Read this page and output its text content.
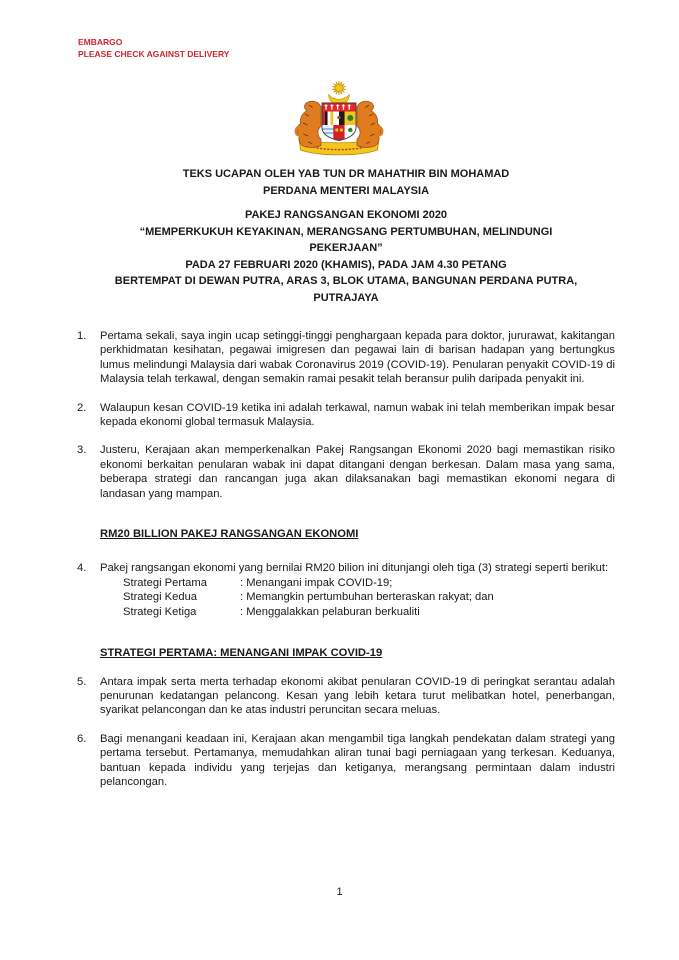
EMBARGO
PLEASE CHECK AGAINST DELIVERY
TEKS UCAPAN OLEH YAB TUN DR MAHATHIR BIN MOHAMAD
PERDANA MENTERI MALAYSIA
PAKEJ RANGSANGAN EKONOMI 2020
“MEMPERKUKUH KEYAKINAN, MERANGSANG PERTUMBUHAN, MELINDUNGI
PEKERJAAN”
PADA 27 FEBRUARI 2020 (KHAMIS), PADA JAM 4.30 PETANG
BERTEMPAT DI DEWAN PUTRA, ARAS 3, BLOK UTAMA, BANGUNAN PERDANA PUTRA,
PUTRAJAYA
1.	Pertama sekali, saya ingin ucap setinggi-tinggi penghargaan kepada para doktor, jururawat, kakitangan perkhidmatan kesihatan, pegawai imigresen dan pegawai lain di barisan hadapan yang bertungkus lumus melindungi Malaysia dari wabak Coronavirus 2019 (COVID-19). Penularan penyakit COVID-19 di Malaysia telah terkawal, dengan semakin ramai pesakit telah beransur pulih daripada penyakit ini.
2.	Walaupun kesan COVID-19 ketika ini adalah terkawal, namun wabak ini telah memberikan impak besar kepada ekonomi global termasuk Malaysia.
3.	Justeru, Kerajaan akan memperkenalkan Pakej Rangsangan Ekonomi 2020 bagi memastikan risiko ekonomi berkaitan penularan wabak ini dapat ditangani dengan berkesan. Dalam masa yang sama, beberapa strategi dan rancangan juga akan dilaksanakan bagi memastikan ekonomi negara di landasan yang mampan.
RM20 BILLION PAKEJ RANGSANGAN EKONOMI
4.	Pakej rangsangan ekonomi yang bernilai RM20 bilion ini ditunjangi oleh tiga (3) strategi seperti berikut:
Strategi Pertama	: Menangani impak COVID-19;
Strategi Kedua	: Memangkin pertumbuhan berteraskan rakyat; dan
Strategi Ketiga	: Menggalakkan pelaburan berkualiti
STRATEGI PERTAMA: MENANGANI IMPAK COVID-19
5.	Antara impak serta merta terhadap ekonomi akibat penularan COVID-19 di peringkat serantau adalah penurunan kedatangan pelancong. Kesan yang lebih ketara turut melibatkan hotel, penerbangan, syarikat pelancongan dan ke atas industri peruncitan secara meluas.
6.	Bagi menangani keadaan ini, Kerajaan akan mengambil tiga langkah pendekatan dalam strategi yang pertama tersebut. Pertamanya, memudahkan aliran tunai bagi perniagaan yang terkesan. Keduanya, bantuan kepada individu yang terjejas dan ketiganya, merangsang permintaan dalam industri pelancongan.
1
